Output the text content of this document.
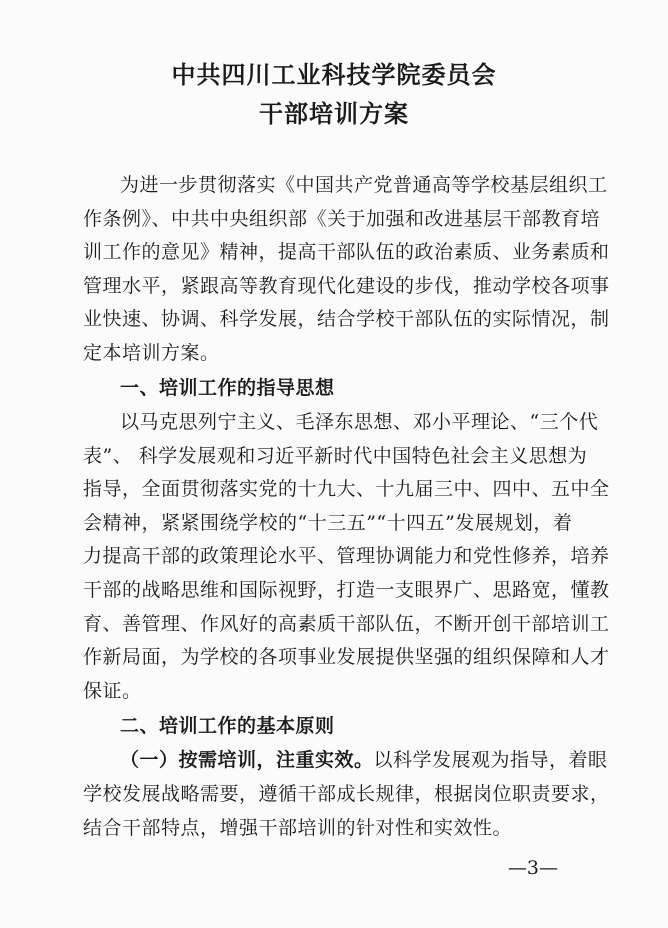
中共四川工业科技学院委员会
干部培训方案
为进一步贯彻落实《中国共产党普通高等学校基层组织工
作条例》、中共中央组织部《关于加强和改进基层干部教育培
训工作的意见》精神，提高干部队伍的政治素质、业务素质和
管理水平，紧跟高等教育现代化建设的步伐，推动学校各项事
业快速、协调、科学发展，结合学校干部队伍的实际情况，制
定本培训方案。
一、培训工作的指导思想
以马克思列宁主义、毛泽东思想、邓小平理论、“三个代
表”、 科学发展观和习近平新时代中国特色社会主义思想为
指导，全面贯彻落实党的十九大、十九届三中、四中、五中全
会精神，紧紧围绕学校的“十三五”“十四五”发展规划，着
力提高干部的政策理论水平、管理协调能力和党性修养，培养
干部的战略思维和国际视野，打造一支眼界广、思路宽，懂教
育、善管理、作风好的高素质干部队伍，不断开创干部培训工
作新局面，为学校的各项事业发展提供坚强的组织保障和人才
保证。
二、培训工作的基本原则
（一）按需培训，注重实效。以科学发展观为指导，着眼
学校发展战略需要，遵循干部成长规律，根据岗位职责要求，
结合干部特点，增强干部培训的针对性和实效性。
—3—
